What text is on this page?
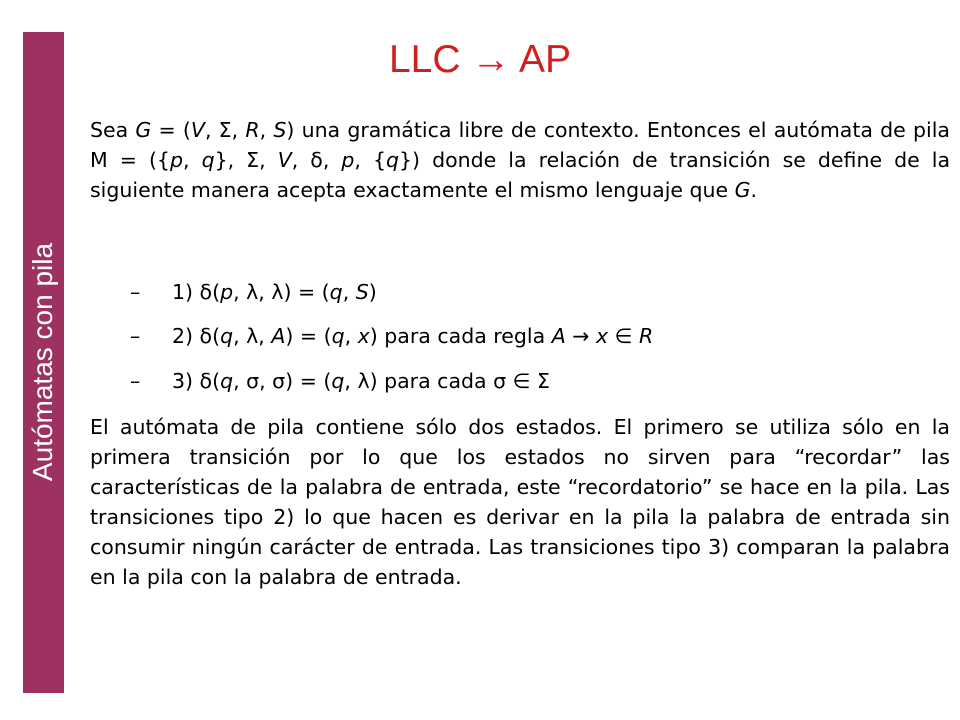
Autómatas con pila
LLC → AP
Sea G = (V, Σ, R, S) una gramática libre de contexto. Entonces el autómata de pila M = ({p, q}, Σ, V, δ, p, {q}) donde la relación de transición se define de la siguiente manera acepta exactamente el mismo lenguaje que G.
– 1) δ(p, λ, λ) = (q, S)
– 2) δ(q, λ, A) = (q, x) para cada regla A → x ∈ R
– 3) δ(q, σ, σ) = (q, λ) para cada σ ∈ Σ
El autómata de pila contiene sólo dos estados. El primero se utiliza sólo en la primera transición por lo que los estados no sirven para “recordar” las características de la palabra de entrada, este “recordatorio” se hace en la pila. Las transiciones tipo 2) lo que hacen es derivar en la pila la palabra de entrada sin consumir ningún carácter de entrada. Las transiciones tipo 3) comparan la palabra en la pila con la palabra de entrada.
